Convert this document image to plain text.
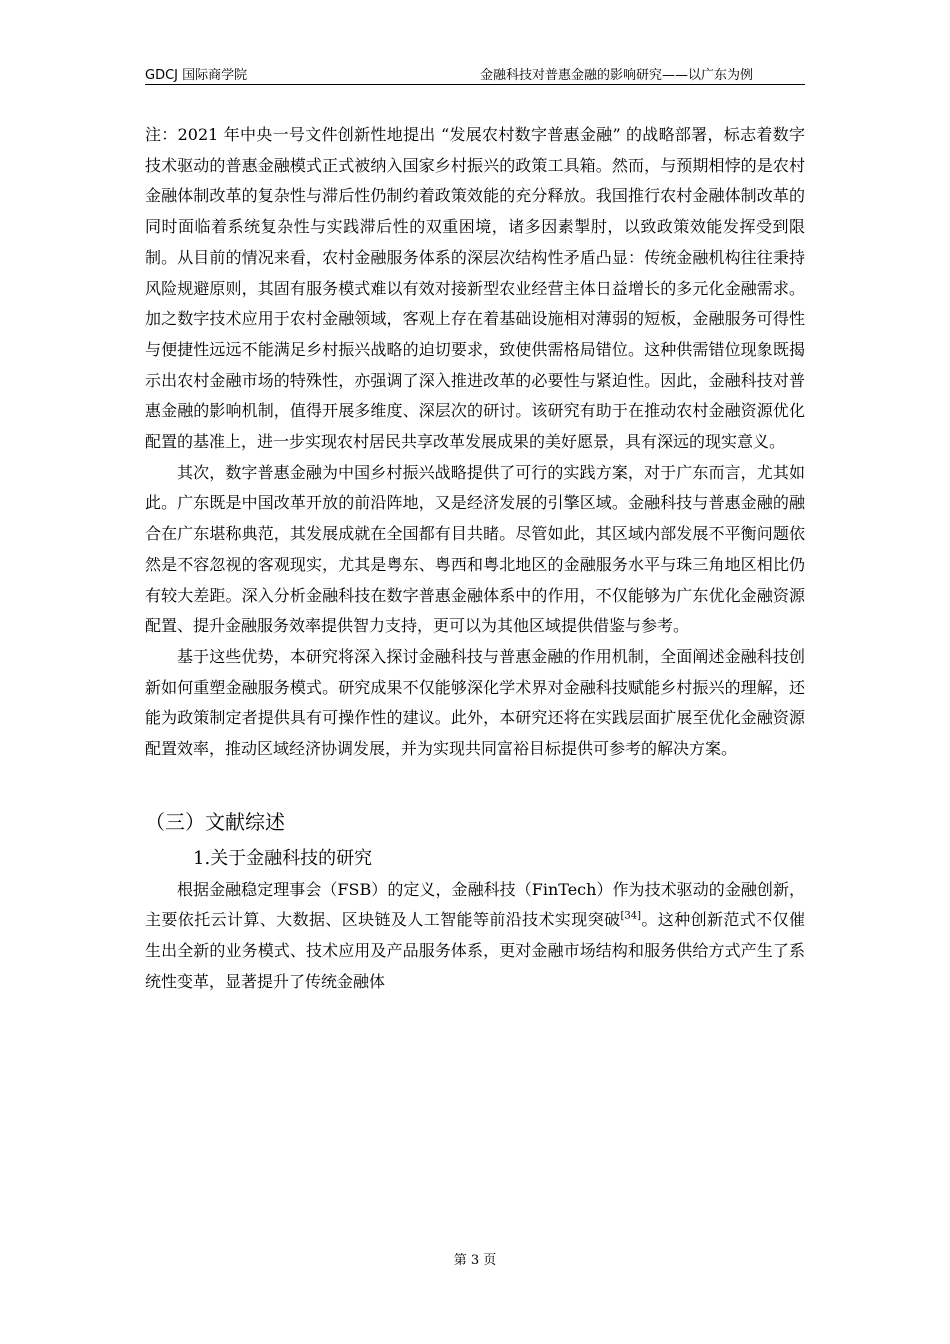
GDCJ 国际商学院	金融科技对普惠金融的影响研究——以广东为例

注：2021 年中央一号文件创新性地提出 “发展农村数字普惠金融” 的战略部署，标志着数字技术驱动的普惠金融模式正式被纳入国家乡村振兴的政策工具箱。然而，与预期相悖的是农村金融体制改革的复杂性与滞后性仍制约着政策效能的充分释放。我国推行农村金融体制改革的同时面临着系统复杂性与实践滞后性的双重困境，诸多因素掣肘，以致政策效能发挥受到限制。从目前的情况来看，农村金融服务体系的深层次结构性矛盾凸显：传统金融机构往往秉持风险规避原则，其固有服务模式难以有效对接新型农业经营主体日益增长的多元化金融需求。加之数字技术应用于农村金融领域，客观上存在着基础设施相对薄弱的短板，金融服务可得性与便捷性远远不能满足乡村振兴战略的迫切要求，致使供需格局错位。这种供需错位现象既揭示出农村金融市场的特殊性，亦强调了深入推进改革的必要性与紧迫性。因此，金融科技对普惠金融的影响机制，值得开展多维度、深层次的研讨。该研究有助于在推动农村金融资源优化配置的基准上，进一步实现农村居民共享改革发展成果的美好愿景，具有深远的现实意义。

其次，数字普惠金融为中国乡村振兴战略提供了可行的实践方案，对于广东而言，尤其如此。广东既是中国改革开放的前沿阵地，又是经济发展的引擎区域。金融科技与普惠金融的融合在广东堪称典范，其发展成就在全国都有目共睹。尽管如此，其区域内部发展不平衡问题依然是不容忽视的客观现实，尤其是粤东、粤西和粤北地区的金融服务水平与珠三角地区相比仍有较大差距。深入分析金融科技在数字普惠金融体系中的作用，不仅能够为广东优化金融资源配置、提升金融服务效率提供智力支持，更可以为其他区域提供借鉴与参考。

基于这些优势，本研究将深入探讨金融科技与普惠金融的作用机制，全面阐述金融科技创新如何重塑金融服务模式。研究成果不仅能够深化学术界对金融科技赋能乡村振兴的理解，还能为政策制定者提供具有可操作性的建议。此外，本研究还将在实践层面扩展至优化金融资源配置效率，推动区域经济协调发展，并为实现共同富裕目标提供可参考的解决方案。

（三）文献综述
1.关于金融科技的研究

根据金融稳定理事会（FSB）的定义，金融科技（FinTech）作为技术驱动的金融创新，主要依托云计算、大数据、区块链及人工智能等前沿技术实现突破[34]。这种创新范式不仅催生出全新的业务模式、技术应用及产品服务体系，更对金融市场结构和服务供给方式产生了系统性变革，显著提升了传统金融体

第 3 页
